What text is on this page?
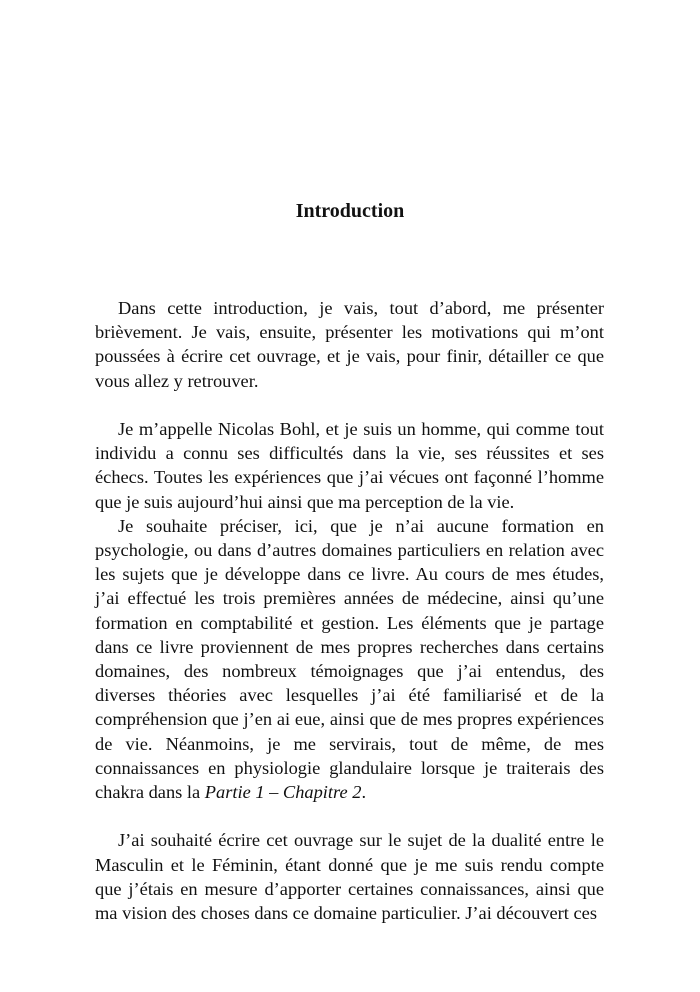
Introduction

Dans cette introduction, je vais, tout d’abord, me présenter brièvement. Je vais, ensuite, présenter les motivations qui m’ont poussées à écrire cet ouvrage, et je vais, pour finir, détailler ce que vous allez y retrouver.

Je m’appelle Nicolas Bohl, et je suis un homme, qui comme tout individu a connu ses difficultés dans la vie, ses réussites et ses échecs. Toutes les expériences que j’ai vécues ont façonné l’homme que je suis aujourd’hui ainsi que ma perception de la vie.

Je souhaite préciser, ici, que je n’ai aucune formation en psychologie, ou dans d’autres domaines particuliers en relation avec les sujets que je développe dans ce livre. Au cours de mes études, j’ai effectué les trois premières années de médecine, ainsi qu’une formation en comptabilité et gestion. Les éléments que je partage dans ce livre proviennent de mes propres recherches dans certains domaines, des nombreux témoignages que j’ai entendus, des diverses théories avec lesquelles j’ai été familiarisé et de la compréhension que j’en ai eue, ainsi que de mes propres expériences de vie. Néanmoins, je me servirais, tout de même, de mes connaissances en physiologie glandulaire lorsque je traiterais des chakra dans la Partie 1 – Chapitre 2.

J’ai souhaité écrire cet ouvrage sur le sujet de la dualité entre le Masculin et le Féminin, étant donné que je me suis rendu compte que j’étais en mesure d’apporter certaines connaissances, ainsi que ma vision des choses dans ce domaine particulier. J’ai découvert ces
